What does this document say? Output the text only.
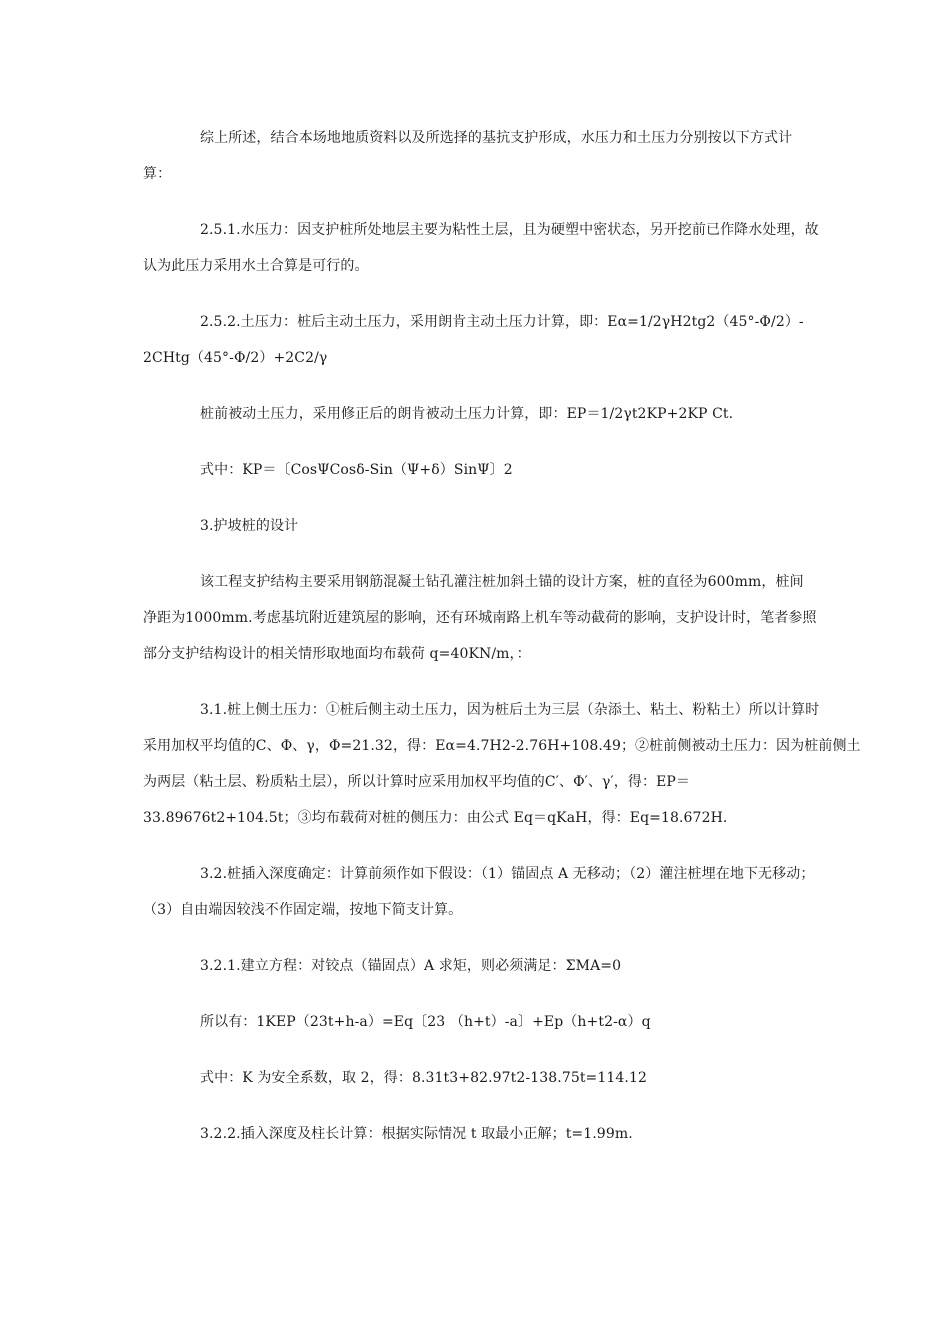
综上所述，结合本场地地质资料以及所选择的基抗支护形成，水压力和土压力分别按以下方式计
算：

2.5.1.水压力：因支护桩所处地层主要为粘性土层，且为硬塑中密状态，另开挖前已作降水处理，故
认为此压力采用水土合算是可行的。

2.5.2.土压力：桩后主动土压力，采用朗肯主动土压力计算，即：Eα=1/2γH2tg2（45°-Φ/2）-
2CHtg（45°-Φ/2）+2C2/γ

桩前被动土压力，采用修正后的朗肯被动土压力计算，即：EP＝1/2γt2KP+2KP Ct.

式中：KP＝〔CosΨCosδ-Sin（Ψ+δ）SinΨ〕2

3.护坡桩的设计

该工程支护结构主要采用钢筋混凝土钻孔灌注桩加斜土锚的设计方案，桩的直径为600mm，桩间
净距为1000mm.考虑基坑附近建筑屋的影响，还有环城南路上机车等动截荷的影响，支护设计时，笔者参照
部分支护结构设计的相关情形取地面均布载荷 q=40KN/m，：

3.1.桩上侧土压力：①桩后侧主动土压力，因为桩后土为三层（杂添土、粘土、粉粘土）所以计算时
采用加权平均值的C、Φ、γ，Φ=21.32，得：Eα=4.7H2-2.76H+108.49；②桩前侧被动土压力：因为桩前侧土
为两层（粘土层、粉质粘土层），所以计算时应采用加权平均值的C′、Φ′、γ′，得：EP＝
33.89676t2+104.5t；③均布载荷对桩的侧压力：由公式 Eq＝qKaH，得：Eq=18.672H.

3.2.桩插入深度确定：计算前须作如下假设：（1）锚固点 A 无移动；（2）灌注桩埋在地下无移动；
（3）自由端因较浅不作固定端，按地下简支计算。

3.2.1.建立方程：对铰点（锚固点）A 求矩，则必须满足：ΣMA=0

所以有：1KEP（23t+h-a）=Eq〔23 （h+t）-a〕+Ep（h+t2-α）q

式中：K 为安全系数，取 2，得：8.31t3+82.97t2-138.75t=114.12

3.2.2.插入深度及柱长计算：根据实际情况 t 取最小正解；t=1.99m.
